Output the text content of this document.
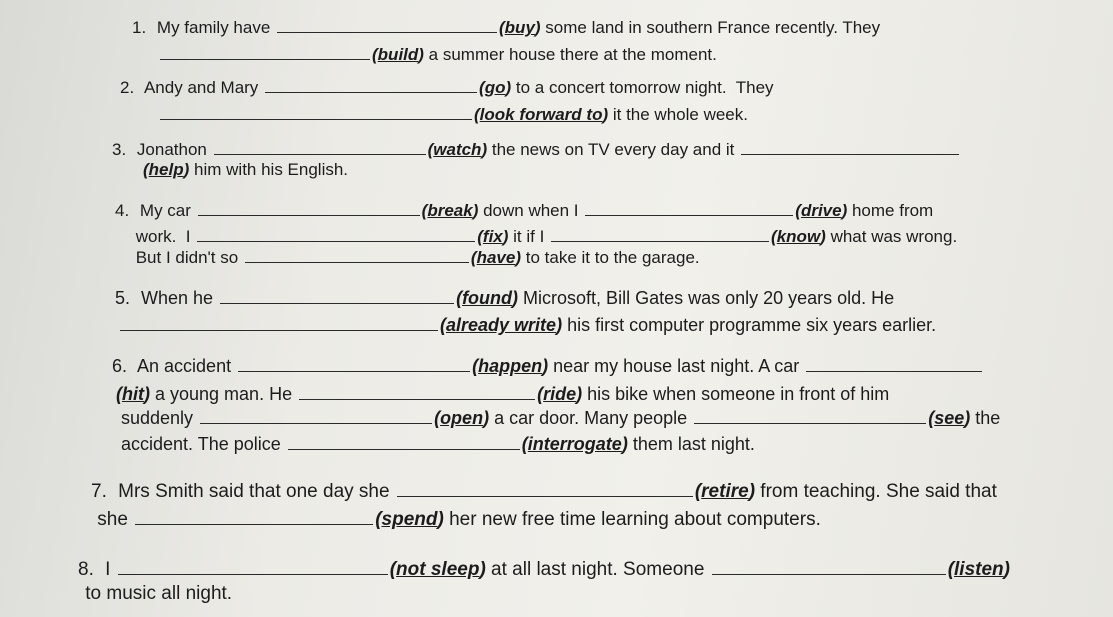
1. My family have	(buy) some land in southern France recently. They
(build) a summer house there at the moment.
2. Andy and Mary	(go) to a concert tomorrow night.  They
(look forward to) it the whole week.
3. Jonathon	(watch) the news on TV every day and it
(help) him with his English.
4. My car	(break) down when I	(drive) home from
work.  I	(fix) it if I	(know) what was wrong.
But I didn't so	(have) to take it to the garage.
5. When he	(found) Microsoft, Bill Gates was only 20 years old. He
(already write) his first computer programme six years earlier.
6. An accident	(happen) near my house last night. A car
(hit) a young man. He	(ride) his bike when someone in front of him
suddenly	(open) a car door. Many people	(see) the
accident. The police	(interrogate) them last night.
7. Mrs Smith said that one day she	(retire) from teaching. She said that
she	(spend) her new free time learning about computers.
8. I	(not sleep) at all last night. Someone	(listen)
to music all night.
